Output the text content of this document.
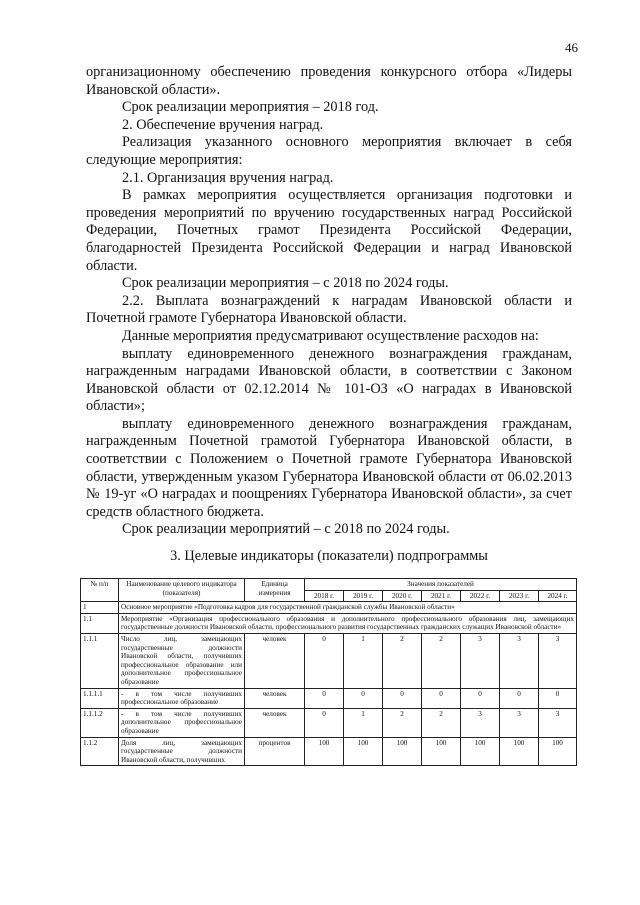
46

организационному обеспечению проведения конкурсного отбора «Лидеры Ивановской области».

Срок реализации мероприятия – 2018 год.

2. Обеспечение вручения наград.

Реализация указанного основного мероприятия включает в себя следующие мероприятия:

2.1. Организация вручения наград.

В рамках мероприятия осуществляется организация подготовки и проведения мероприятий по вручению государственных наград Российской Федерации, Почетных грамот Президента Российской Федерации, благодарностей Президента Российской Федерации и наград Ивановской области.

Срок реализации мероприятия – с 2018 по 2024 годы.

2.2. Выплата вознаграждений к наградам Ивановской области и Почетной грамоте Губернатора Ивановской области.

Данные мероприятия предусматривают осуществление расходов на:

выплату единовременного денежного вознаграждения гражданам, награжденным наградами Ивановской области, в соответствии с Законом Ивановской области от 02.12.2014 № 101-ОЗ «О наградах в Ивановской области»;

выплату единовременного денежного вознаграждения гражданам, награжденным Почетной грамотой Губернатора Ивановской области, в соответствии с Положением о Почетной грамоте Губернатора Ивановской области, утвержденным указом Губернатора Ивановской области от 06.02.2013 № 19-уг «О наградах и поощрениях Губернатора Ивановской области», за счет средств областного бюджета.

Срок реализации мероприятий – с 2018 по 2024 годы.

3. Целевые индикаторы (показатели) подпрограммы
№ п/п	Наименование целевого индикатора (показателя)	Единица измерения	Значения показателей						
			2018 г.	2019 г.	2020 г.	2021 г.	2022 г.	2023 г.	2024 г.
1	Основное мероприятие «Подготовка кадров для государственной гражданской службы Ивановской области»								
1.1	Мероприятие «Организация профессионального образования и дополнительного профессионального образования лиц, замещающих государственные должности Ивановской области, профессионального развития государственных гражданских служащих Ивановской области»								
1.1.1	Число лиц, замещающих государственные должности Ивановской области, получивших профессиональное образование или дополнительное профессиональное образование	человек	0	1	2	2	3	3	3
1.1.1.1	- в том числе получивших профессиональное образование	человек	0	0	0	0	0	0	0
1.1.1.2	- в том числе получивших дополнительное профессиональное образование	человек	0	1	2	2	3	3	3
1.1.2	Доля лиц, замещающих государственные должности Ивановской области, получивших	процентов	100	100	100	100	100	100	100
